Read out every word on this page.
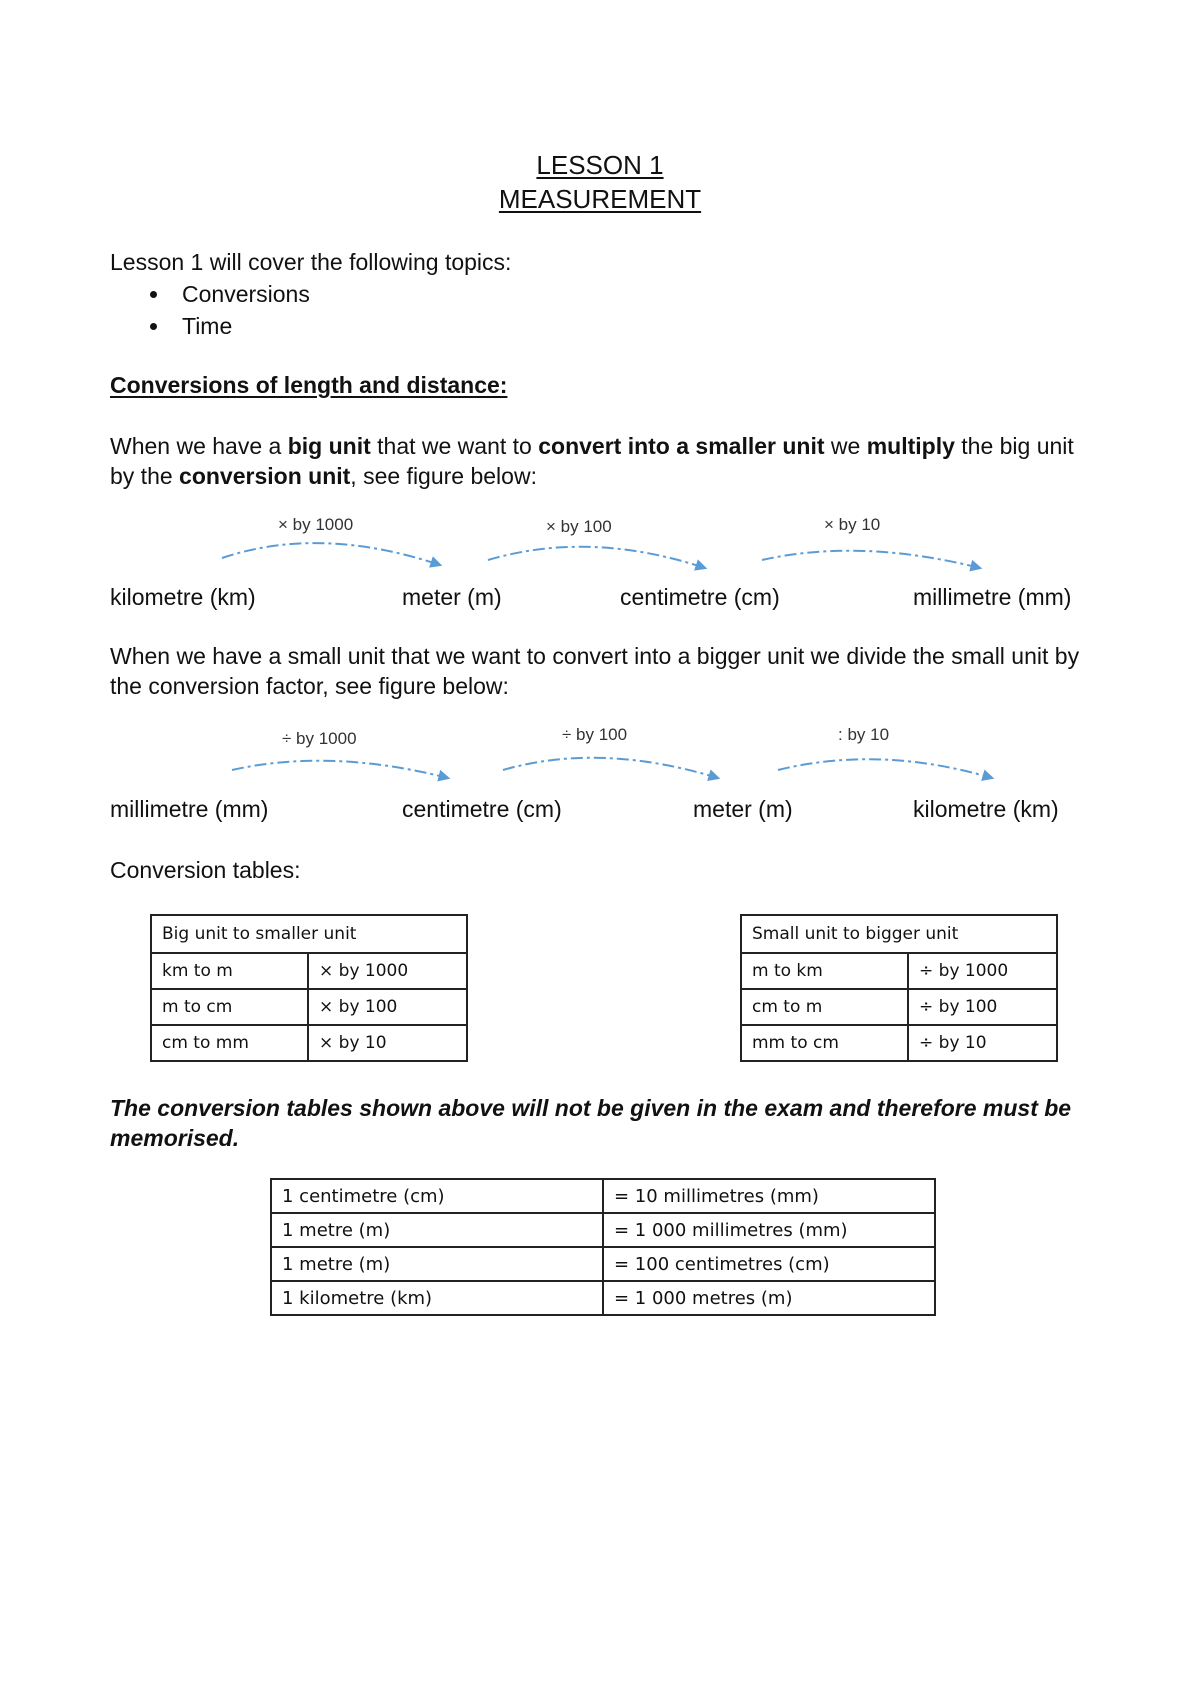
LESSON 1
MEASUREMENT
Lesson 1 will cover the following topics:
Conversions
Time
Conversions of length and distance:
When we have a big unit that we want to convert into a smaller unit we multiply the big unit by the conversion unit, see figure below:
× by 1000	× by 100	× by 10
kilometre (km)	meter (m)	centimetre (cm)	millimetre (mm)
When we have a small unit that we want to convert into a bigger unit we divide the small unit by the conversion factor, see figure below:
÷ by 1000	÷ by 100	: by 10
millimetre (mm)	centimetre (cm)	meter (m)	kilometre (km)
Conversion tables:
Big unit to smaller unit	
km to m	× by 1000
m to cm	× by 100
cm to mm	× by 10
Small unit to bigger unit	
m to km	÷ by 1000
cm to m	÷ by 100
mm to cm	÷ by 10
The conversion tables shown above will not be given in the exam and therefore must be memorised.
1 centimetre (cm)	= 10 millimetres (mm)
1 metre (m)	= 1 000 millimetres (mm)
1 metre (m)	= 100 centimetres (cm)
1 kilometre (km)	= 1 000 metres (m)
